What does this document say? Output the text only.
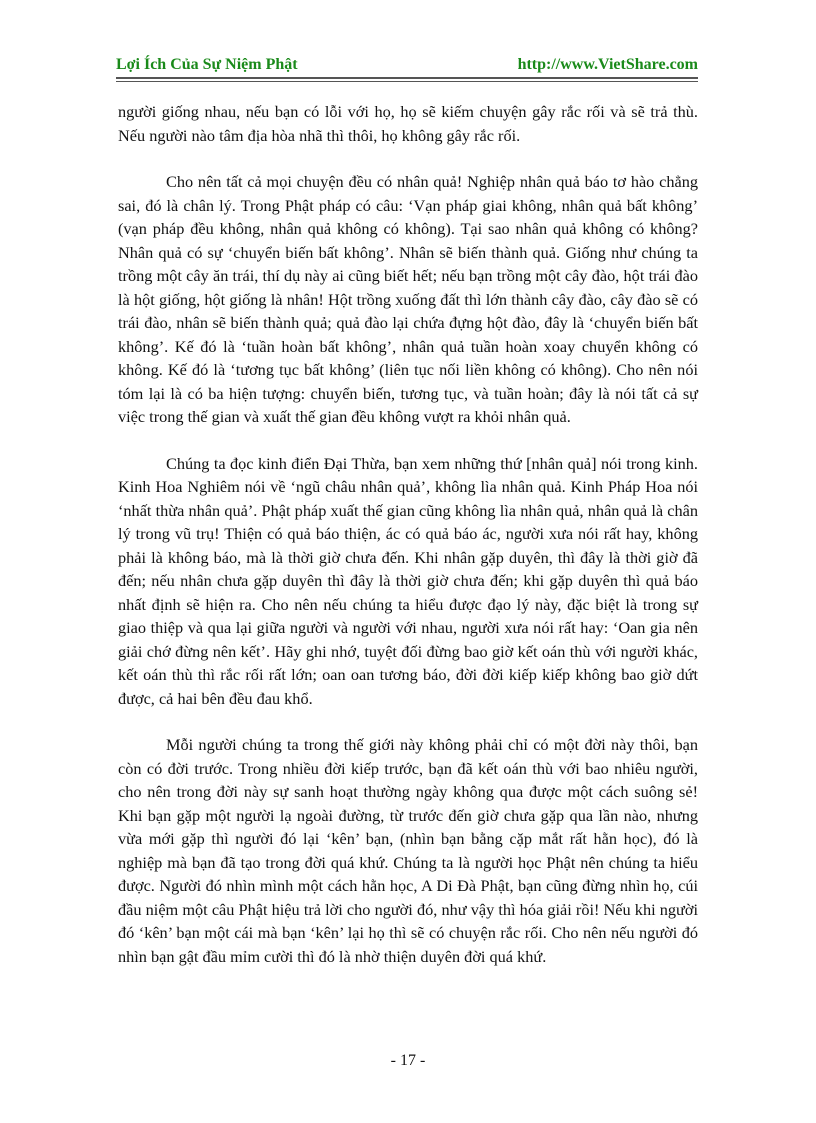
Lợi Ích Của Sự Niệm Phật	http://www.VietShare.com

người giống nhau, nếu bạn có lỗi với họ, họ sẽ kiếm chuyện gây rắc rối và sẽ trả thù. Nếu người nào tâm địa hòa nhã thì thôi, họ không gây rắc rối.

Cho nên tất cả mọi chuyện đều có nhân quả! Nghiệp nhân quả báo tơ hào chẳng sai, đó là chân lý. Trong Phật pháp có câu: ‘Vạn pháp giai không, nhân quả bất không’ (vạn pháp đều không, nhân quả không có không). Tại sao nhân quả không có không? Nhân quả có sự ‘chuyển biến bất không’. Nhân sẽ biến thành quả. Giống như chúng ta trồng một cây ăn trái, thí dụ này ai cũng biết hết; nếu bạn trồng một cây đào, hột trái đào là hột giống, hột giống là nhân! Hột trồng xuống đất thì lớn thành cây đào, cây đào sẽ có trái đào, nhân sẽ biến thành quả; quả đào lại chứa đựng hột đào, đây là ‘chuyển biến bất không’. Kế đó là ‘tuần hoàn bất không’, nhân quả tuần hoàn xoay chuyển không có không. Kế đó là ‘tương tục bất không’ (liên tục nối liền không có không). Cho nên nói tóm lại là có ba hiện tượng: chuyển biến, tương tục, và tuần hoàn; đây là nói tất cả sự việc trong thế gian và xuất thế gian đều không vượt ra khỏi nhân quả.

Chúng ta đọc kinh điển Đại Thừa, bạn xem những thứ [nhân quả] nói trong kinh. Kinh Hoa Nghiêm nói về ‘ngũ châu nhân quả’, không lìa nhân quả. Kinh Pháp Hoa nói ‘nhất thừa nhân quả’. Phật pháp xuất thế gian cũng không lìa nhân quả, nhân quả là chân lý trong vũ trụ! Thiện có quả báo thiện, ác có quả báo ác, người xưa nói rất hay, không phải là không báo, mà là thời giờ chưa đến. Khi nhân gặp duyên, thì đây là thời giờ đã đến; nếu nhân chưa gặp duyên thì đây là thời giờ chưa đến; khi gặp duyên thì quả báo nhất định sẽ hiện ra. Cho nên nếu chúng ta hiểu được đạo lý này, đặc biệt là trong sự giao thiệp và qua lại giữa người và người với nhau, người xưa nói rất hay: ‘Oan gia nên giải chớ đừng nên kết’. Hãy ghi nhớ, tuyệt đối đừng bao giờ kết oán thù với người khác, kết oán thù thì rắc rối rất lớn; oan oan tương báo, đời đời kiếp kiếp không bao giờ dứt được, cả hai bên đều đau khổ.

Mỗi người chúng ta trong thế giới này không phải chỉ có một đời này thôi, bạn còn có đời trước. Trong nhiều đời kiếp trước, bạn đã kết oán thù với bao nhiêu người, cho nên trong đời này sự sanh hoạt thường ngày không qua được một cách suông sẻ! Khi bạn gặp một người lạ ngoài đường, từ trước đến giờ chưa gặp qua lần nào, nhưng vừa mới gặp thì người đó lại ‘kên’ bạn, (nhìn bạn bằng cặp mắt rất hằn học), đó là nghiệp mà bạn đã tạo trong đời quá khứ. Chúng ta là người học Phật nên chúng ta hiểu được. Người đó nhìn mình một cách hằn học, A Di Đà Phật, bạn cũng đừng nhìn họ, cúi đầu niệm một câu Phật hiệu trả lời cho người đó, như vậy thì hóa giải rồi! Nếu khi người đó ‘kên’ bạn một cái mà bạn ‘kên’ lại họ thì sẽ có chuyện rắc rối. Cho nên nếu người đó nhìn bạn gật đầu mỉm cười thì đó là nhờ thiện duyên đời quá khứ.

- 17 -
